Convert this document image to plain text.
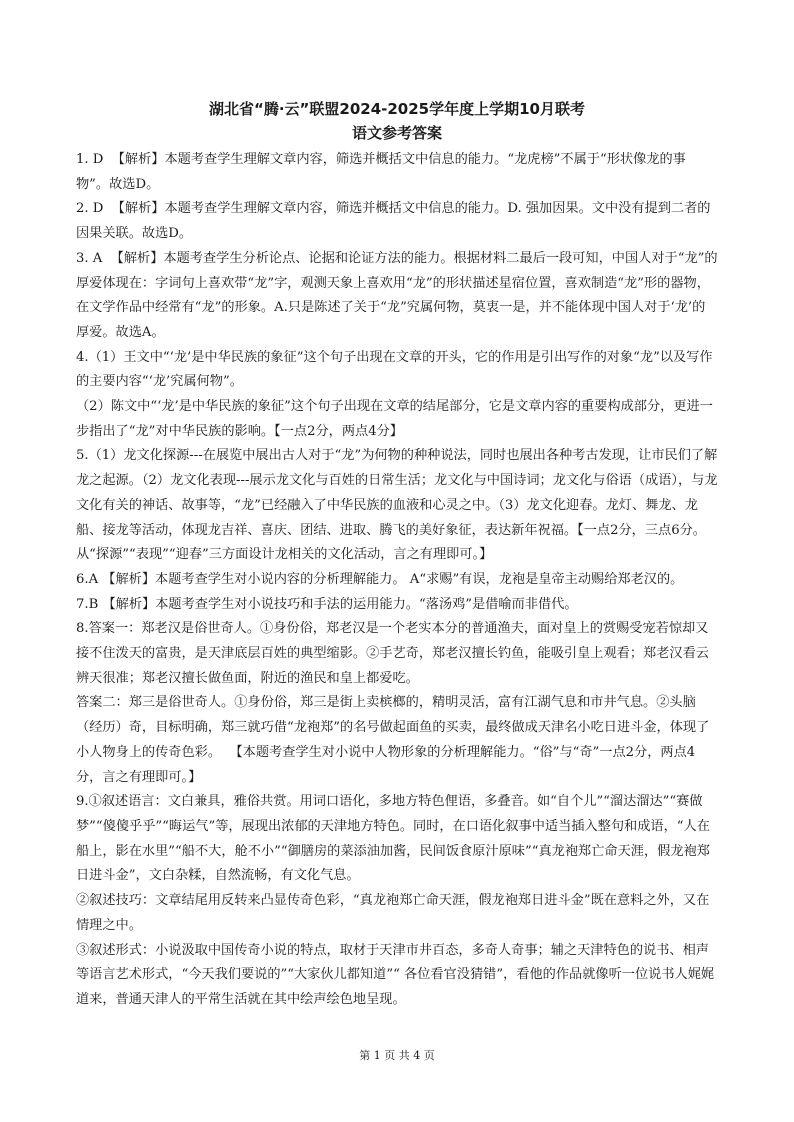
湖北省“腾·云”联盟2024-2025学年度上学期10月联考
语文参考答案

1. D  【解析】本题考查学生理解文章内容，筛选并概括文中信息的能力。“龙虎榜”不属于“形状像龙的事物”。故选D。

2. D  【解析】本题考查学生理解文章内容，筛选并概括文中信息的能力。D. 强加因果。文中没有提到二者的因果关联。故选D。

3. A  【解析】本题考查学生分析论点、论据和论证方法的能力。根据材料二最后一段可知，中国人对于“龙”的厚爱体现在：字词句上喜欢带“龙”字，观测天象上喜欢用“龙”的形状描述星宿位置，喜欢制造“龙”形的器物，在文学作品中经常有“龙”的形象。A.只是陈述了关于“龙”究属何物，莫衷一是，并不能体现中国人对于‘龙’的厚爱。故选A。

4.（1）王文中“‘龙’是中华民族的象征”这个句子出现在文章的开头，它的作用是引出写作的对象“龙”以及写作的主要内容“‘龙’究属何物”。

（2）陈文中“‘龙’是中华民族的象征”这个句子出现在文章的结尾部分，它是文章内容的重要构成部分，更进一步指出了“龙”对中华民族的影响。【一点2分，两点4分】

5.（1）龙文化探源---在展览中展出古人对于“龙”为何物的种种说法，同时也展出各种考古发现，让市民们了解龙之起源。（2）龙文化表现---展示龙文化与百姓的日常生活；龙文化与中国诗词；龙文化与俗语（成语），与龙文化有关的神话、故事等，“龙”已经融入了中华民族的血液和心灵之中。（3）龙文化迎春。龙灯、舞龙、龙船、接龙等活动，体现龙吉祥、喜庆、团结、进取、腾飞的美好象征，表达新年祝福。【一点2分，三点6分。从“探源”“表现”“迎春”三方面设计龙相关的文化活动，言之有理即可。】

6.A 【解析】本题考查学生对小说内容的分析理解能力。 A“求赐”有误，龙袍是皇帝主动赐给郑老汉的。

7.B 【解析】本题考查学生对小说技巧和手法的运用能力。“落汤鸡”是借喻而非借代。

8.答案一：郑老汉是俗世奇人。①身份俗，郑老汉是一个老实本分的普通渔夫，面对皇上的赏赐受宠若惊却又接不住泼天的富贵，是天津底层百姓的典型缩影。②手艺奇，郑老汉擅长钓鱼，能吸引皇上观看；郑老汉看云辨天很准；郑老汉擅长做鱼面，附近的渔民和皇上都爱吃。

答案二：郑三是俗世奇人。①身份俗，郑三是街上卖槟榔的，精明灵活，富有江湖气息和市井气息。②头脑（经历）奇，目标明确，郑三就巧借“龙袍郑”的名号做起面鱼的买卖，最终做成天津名小吃日进斗金，体现了小人物身上的传奇色彩。  【本题考查学生对小说中人物形象的分析理解能力。“俗”与“奇”一点2分，两点4分，言之有理即可。】

9.①叙述语言：文白兼具，雅俗共赏。用词口语化，多地方特色俚语，多叠音。如“自个儿”“溜达溜达”“赛做梦”“傻傻乎乎”“晦运气”等，展现出浓郁的天津地方特色。同时，在口语化叙事中适当插入整句和成语，“人在船上，影在水里”“船不大，舱不小”“御膳房的菜添油加酱，民间饭食原汁原味”“真龙袍郑亡命天涯，假龙袍郑日进斗金”，文白杂糅，自然流畅，有文化气息。

②叙述技巧：文章结尾用反转来凸显传奇色彩，“真龙袍郑亡命天涯，假龙袍郑日进斗金”既在意料之外，又在情理之中。

③叙述形式：小说汲取中国传奇小说的特点，取材于天津市井百态，多奇人奇事；辅之天津特色的说书、相声等语言艺术形式，“今天我们要说的”“大家伙儿都知道”“ 各位看官没猜错”，看他的作品就像听一位说书人娓娓道来，普通天津人的平常生活就在其中绘声绘色地呈现。

第 1 页 共 4 页
